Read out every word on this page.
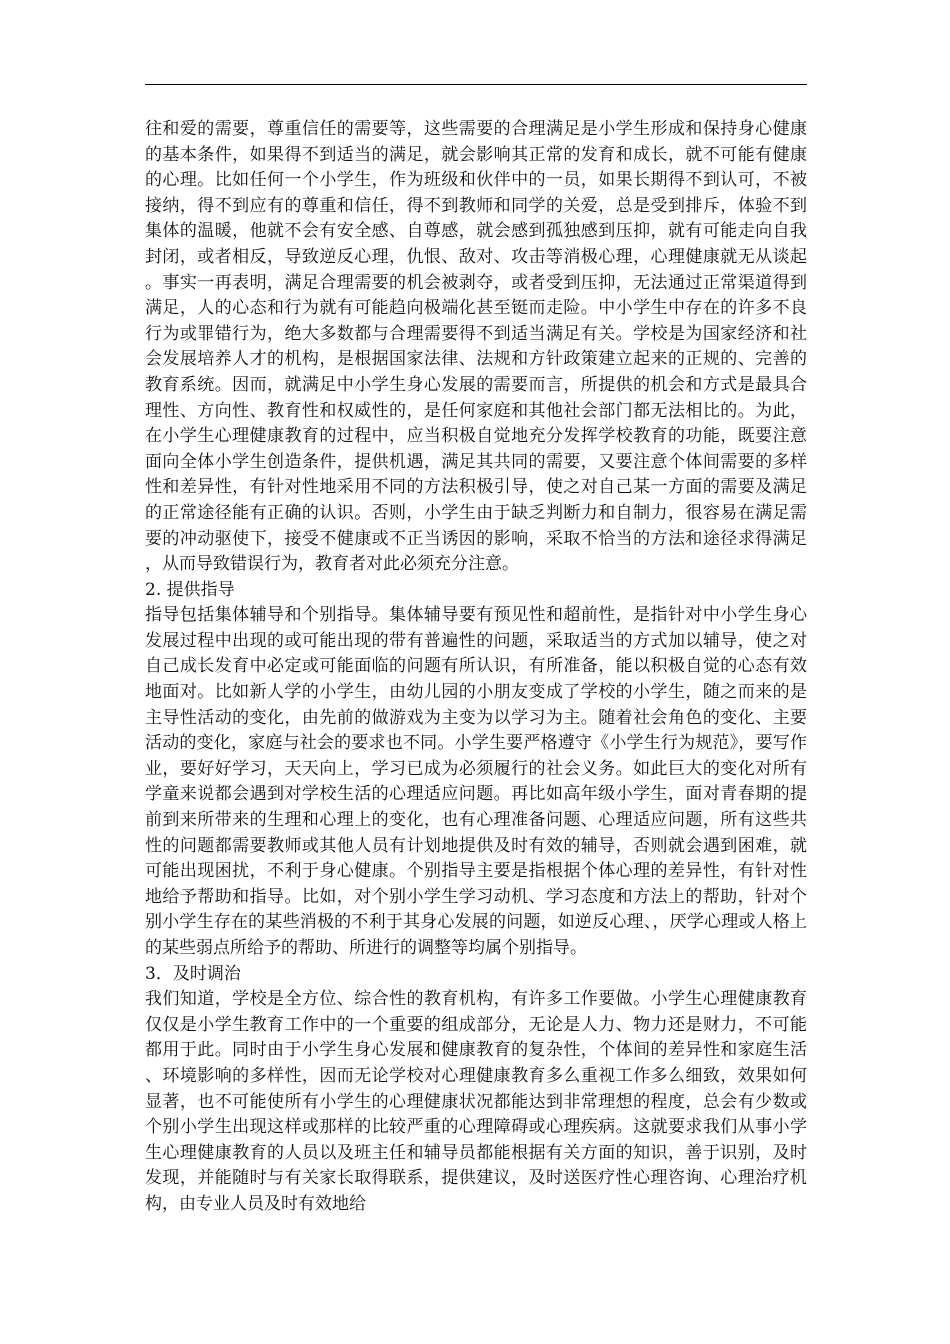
往和爱的需要，尊重信任的需要等，这些需要的合理满足是小学生形成和保持身心健康的基本条件，如果得不到适当的满足，就会影响其正常的发育和成长，就不可能有健康的心理。比如任何一个小学生，作为班级和伙伴中的一员，如果长期得不到认可，不被接纳，得不到应有的尊重和信任，得不到教师和同学的关爱，总是受到排斥，体验不到集体的温暖，他就不会有安全感、自尊感，就会感到孤独感到压抑，就有可能走向自我封闭，或者相反，导致逆反心理，仇恨、敌对、攻击等消极心理，心理健康就无从谈起。事实一再表明，满足合理需要的机会被剥夺，或者受到压抑，无法通过正常渠道得到满足，人的心态和行为就有可能趋向极端化甚至铤而走险。中小学生中存在的许多不良行为或罪错行为，绝大多数都与合理需要得不到适当满足有关。学校是为国家经济和社会发展培养人才的机构，是根据国家法律、法规和方针政策建立起来的正规的、完善的教育系统。因而，就满足中小学生身心发展的需要而言，所提供的机会和方式是最具合理性、方向性、教育性和权威性的，是任何家庭和其他社会部门都无法相比的。为此，在小学生心理健康教育的过程中，应当积极自觉地充分发挥学校教育的功能，既要注意面向全体小学生创造条件，提供机遇，满足其共同的需要，又要注意个体间需要的多样性和差异性，有针对性地采用不同的方法积极引导，使之对自己某一方面的需要及满足的正常途径能有正确的认识。否则，小学生由于缺乏判断力和自制力，很容易在满足需要的冲动驱使下，接受不健康或不正当诱因的影响，采取不恰当的方法和途径求得满足，从而导致错误行为，教育者对此必须充分注意。

2. 提供指导

指导包括集体辅导和个别指导。集体辅导要有预见性和超前性，是指针对中小学生身心发展过程中出现的或可能出现的带有普遍性的问题，采取适当的方式加以辅导，使之对自己成长发育中必定或可能面临的问题有所认识，有所准备，能以积极自觉的心态有效地面对。比如新人学的小学生，由幼儿园的小朋友变成了学校的小学生，随之而来的是主导性活动的变化，由先前的做游戏为主变为以学习为主。随着社会角色的变化、主要活动的变化，家庭与社会的要求也不同。小学生要严格遵守《小学生行为规范》，要写作业，要好好学习，天天向上，学习已成为必须履行的社会义务。如此巨大的变化对所有学童来说都会遇到对学校生活的心理适应问题。再比如高年级小学生，面对青春期的提前到来所带来的生理和心理上的变化，也有心理准备问题、心理适应问题，所有这些共性的问题都需要教师或其他人员有计划地提供及时有效的辅导，否则就会遇到困难，就可能出现困扰，不利于身心健康。个别指导主要是指根据个体心理的差异性，有针对性地给予帮助和指导。比如，对个别小学生学习动机、学习态度和方法上的帮助，针对个别小学生存在的某些消极的不利于其身心发展的问题，如逆反心理、，厌学心理或人格上的某些弱点所给予的帮助、所进行的调整等均属个别指导。

3．及时调治

我们知道，学校是全方位、综合性的教育机构，有许多工作要做。小学生心理健康教育仅仅是小学生教育工作中的一个重要的组成部分，无论是人力、物力还是财力，不可能都用于此。同时由于小学生身心发展和健康教育的复杂性，个体间的差异性和家庭生活、环境影响的多样性，因而无论学校对心理健康教育多么重视工作多么细致，效果如何显著，也不可能使所有小学生的心理健康状况都能达到非常理想的程度，总会有少数或个别小学生出现这样或那样的比较严重的心理障碍或心理疾病。这就要求我们从事小学生心理健康教育的人员以及班主任和辅导员都能根据有关方面的知识，善于识别，及时发现，并能随时与有关家长取得联系，提供建议，及时送医疗性心理咨询、心理治疗机构，由专业人员及时有效地给
